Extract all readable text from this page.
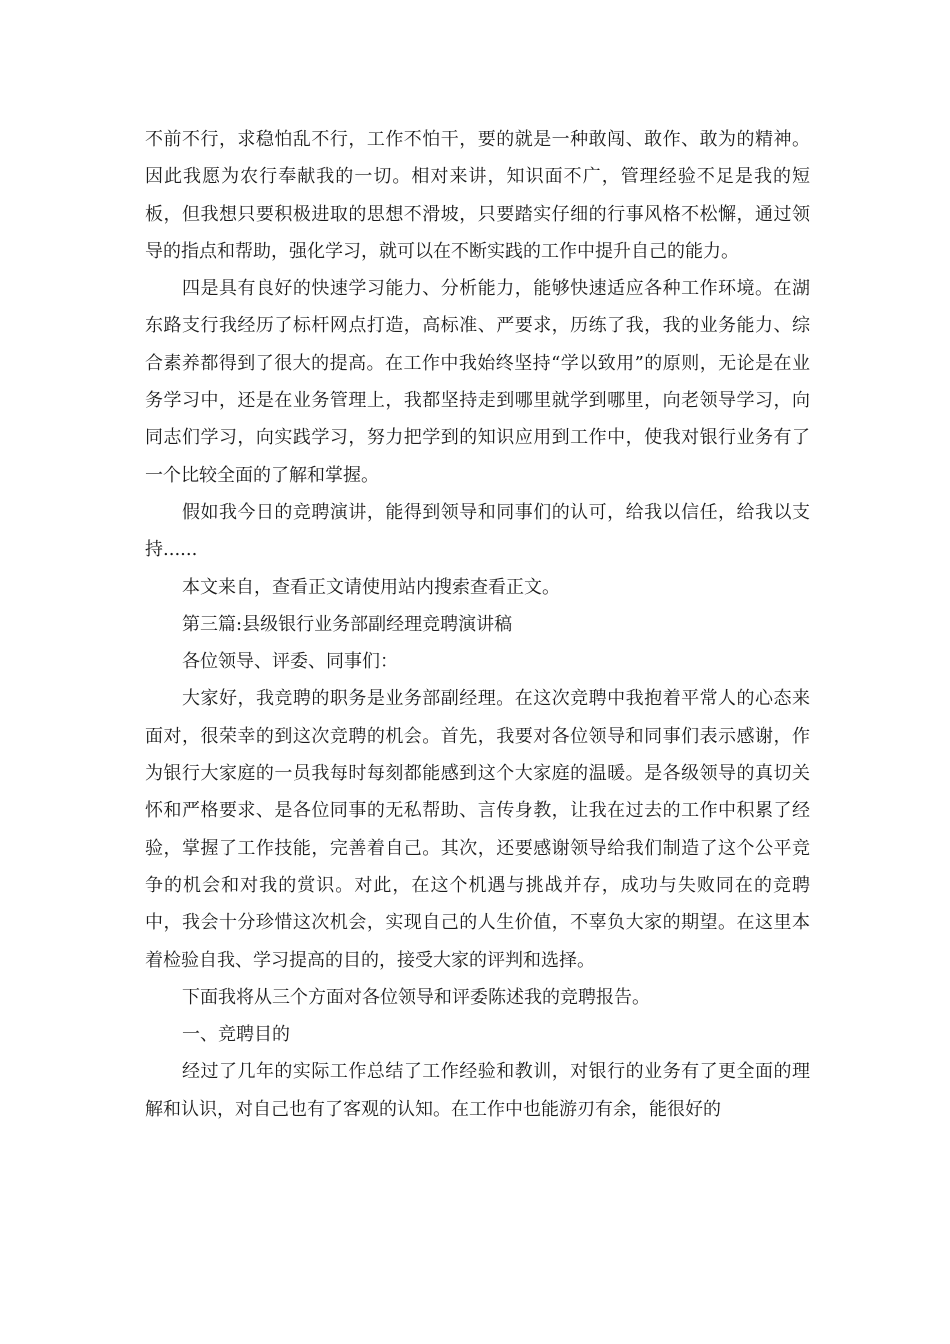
不前不行，求稳怕乱不行，工作不怕干，要的就是一种敢闯、敢作、敢为的精神。因此我愿为农行奉献我的一切。相对来讲，知识面不广，管理经验不足是我的短板，但我想只要积极进取的思想不滑坡，只要踏实仔细的行事风格不松懈，通过领导的指点和帮助，强化学习，就可以在不断实践的工作中提升自己的能力。

四是具有良好的快速学习能力、分析能力，能够快速适应各种工作环境。在湖东路支行我经历了标杆网点打造，高标准、严要求，历练了我，我的业务能力、综合素养都得到了很大的提高。在工作中我始终坚持“学以致用”的原则，无论是在业务学习中，还是在业务管理上，我都坚持走到哪里就学到哪里，向老领导学习，向同志们学习，向实践学习，努力把学到的知识应用到工作中，使我对银行业务有了一个比较全面的了解和掌握。

假如我今日的竞聘演讲，能得到领导和同事们的认可，给我以信任，给我以支持......

本文来自，查看正文请使用站内搜索查看正文。

第三篇:县级银行业务部副经理竞聘演讲稿

各位领导、评委、同事们：

大家好，我竞聘的职务是业务部副经理。在这次竞聘中我抱着平常人的心态来面对，很荣幸的到这次竞聘的机会。首先，我要对各位领导和同事们表示感谢，作为银行大家庭的一员我每时每刻都能感到这个大家庭的温暖。是各级领导的真切关怀和严格要求、是各位同事的无私帮助、言传身教，让我在过去的工作中积累了经验，掌握了工作技能，完善着自己。其次，还要感谢领导给我们制造了这个公平竞争的机会和对我的赏识。对此，在这个机遇与挑战并存，成功与失败同在的竞聘中，我会十分珍惜这次机会，实现自己的人生价值，不辜负大家的期望。在这里本着检验自我、学习提高的目的，接受大家的评判和选择。

下面我将从三个方面对各位领导和评委陈述我的竞聘报告。

一、竞聘目的

经过了几年的实际工作总结了工作经验和教训，对银行的业务有了更全面的理解和认识，对自己也有了客观的认知。在工作中也能游刃有余，能很好的
